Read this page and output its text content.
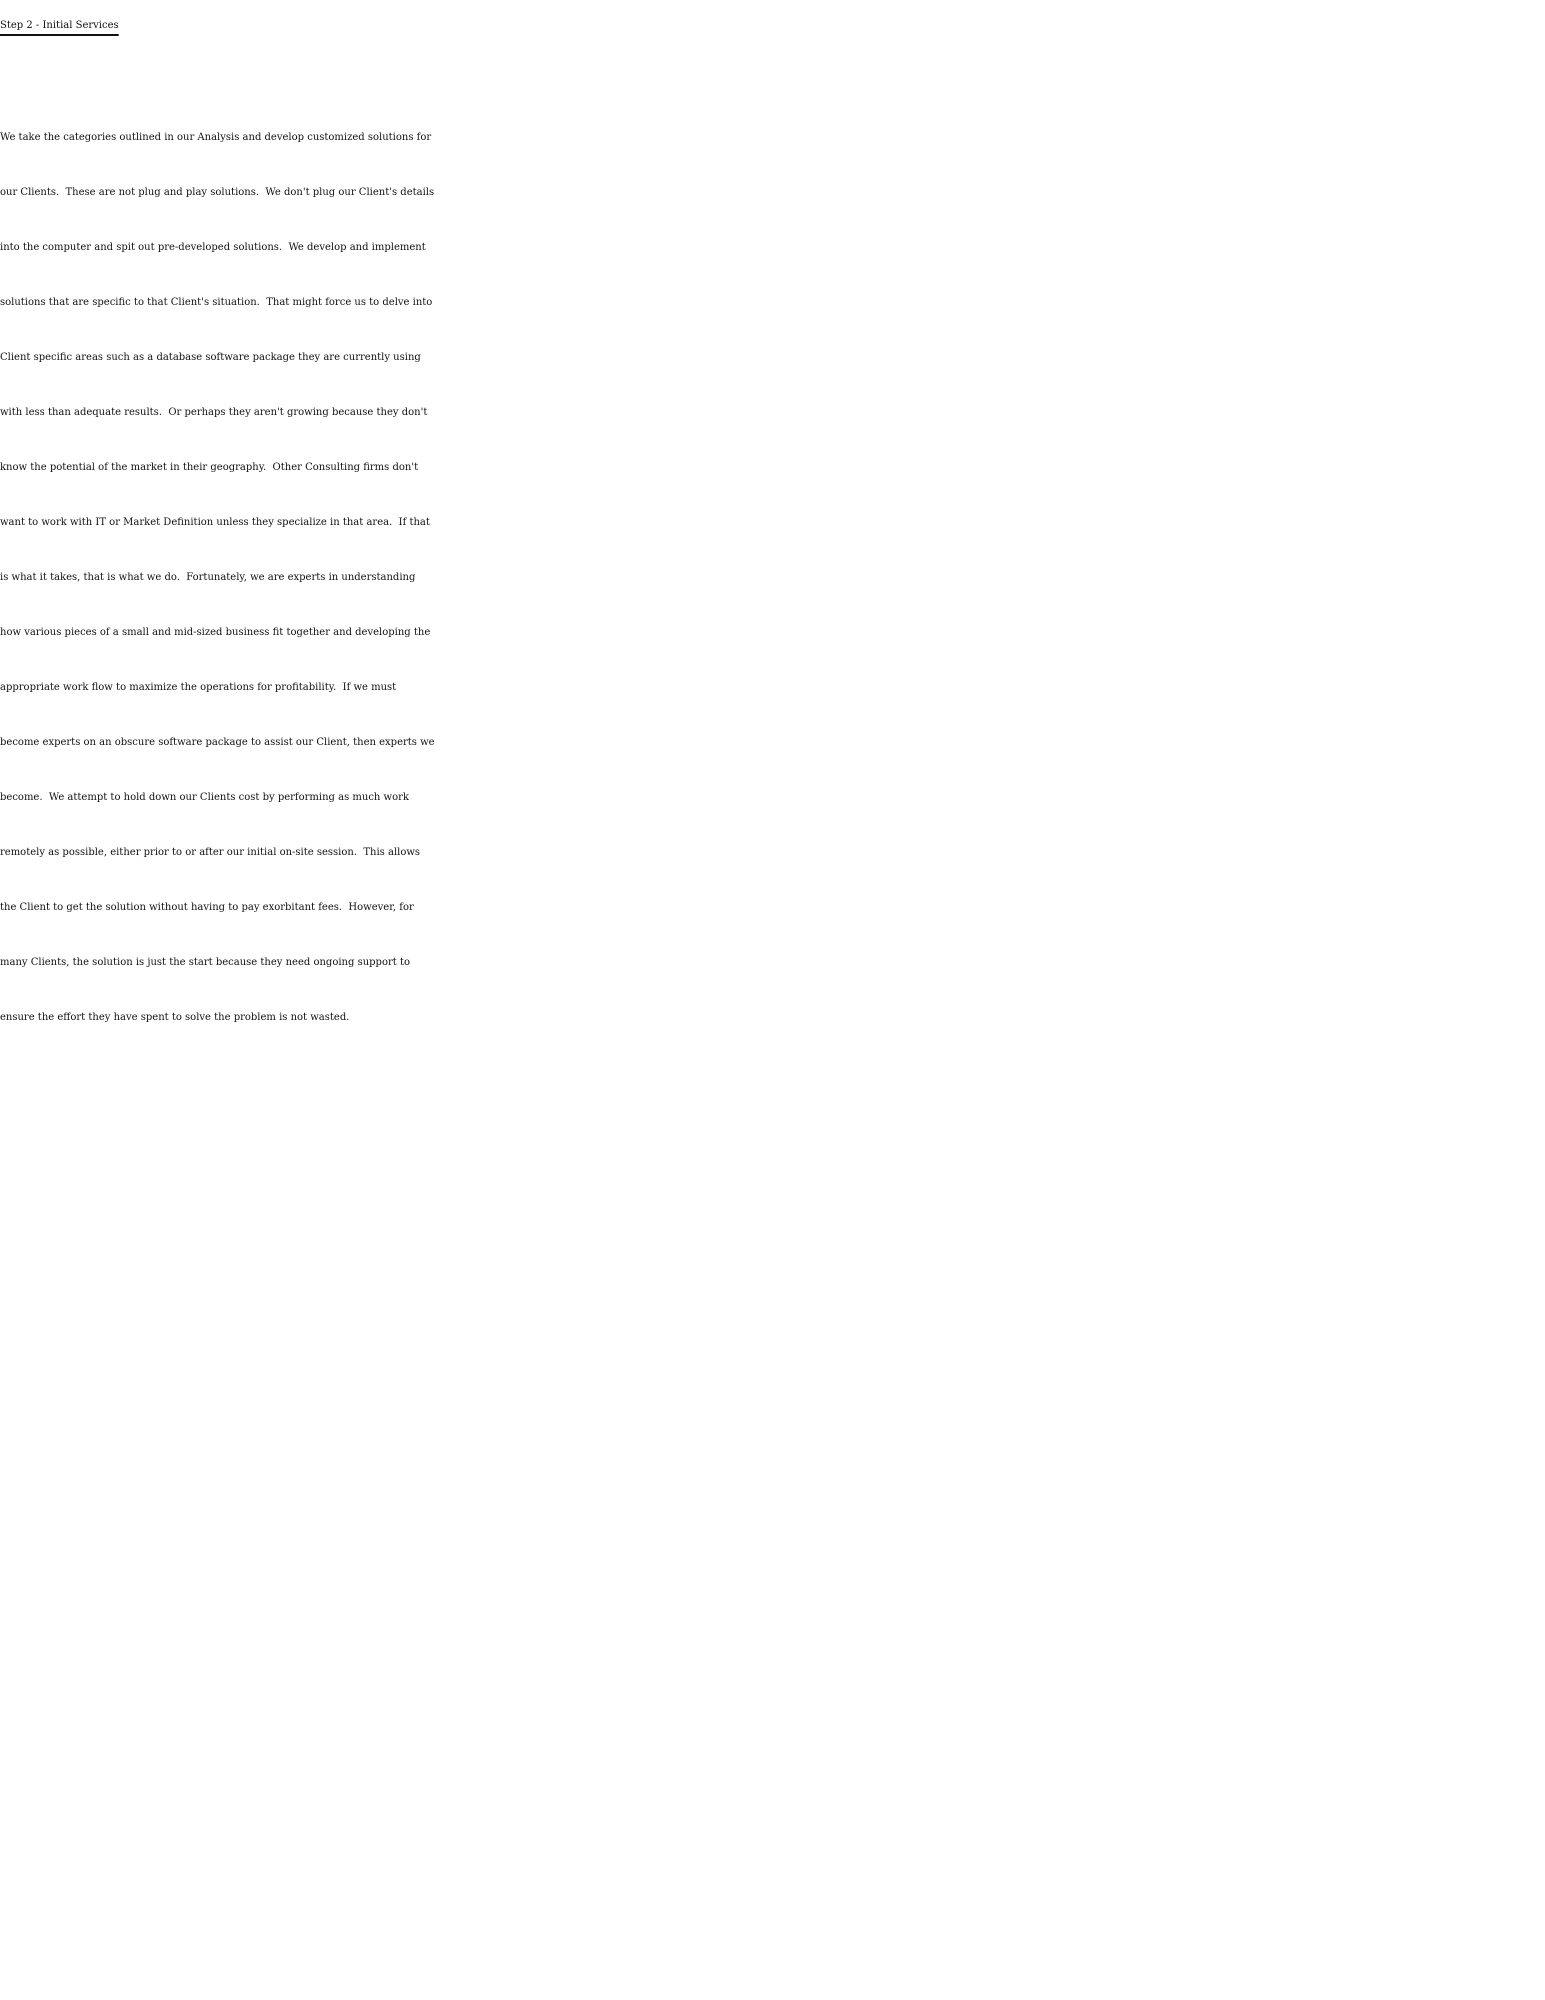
Step 2 - Initial Services
We take the categories outlined in our Analysis and develop customized solutions for
our Clients.  These are not plug and play solutions.  We don't plug our Client's details
into the computer and spit out pre-developed solutions.  We develop and implement
solutions that are specific to that Client's situation.  That might force us to delve into
Client specific areas such as a database software package they are currently using
with less than adequate results.  Or perhaps they aren't growing because they don't
know the potential of the market in their geography.  Other Consulting firms don't
want to work with IT or Market Definition unless they specialize in that area.  If that
is what it takes, that is what we do.  Fortunately, we are experts in understanding
how various pieces of a small and mid-sized business fit together and developing the
appropriate work flow to maximize the operations for profitability.  If we must
become experts on an obscure software package to assist our Client, then experts we
become.  We attempt to hold down our Clients cost by performing as much work
remotely as possible, either prior to or after our initial on-site session.  This allows
the Client to get the solution without having to pay exorbitant fees.  However, for
many Clients, the solution is just the start because they need ongoing support to
ensure the effort they have spent to solve the problem is not wasted.
